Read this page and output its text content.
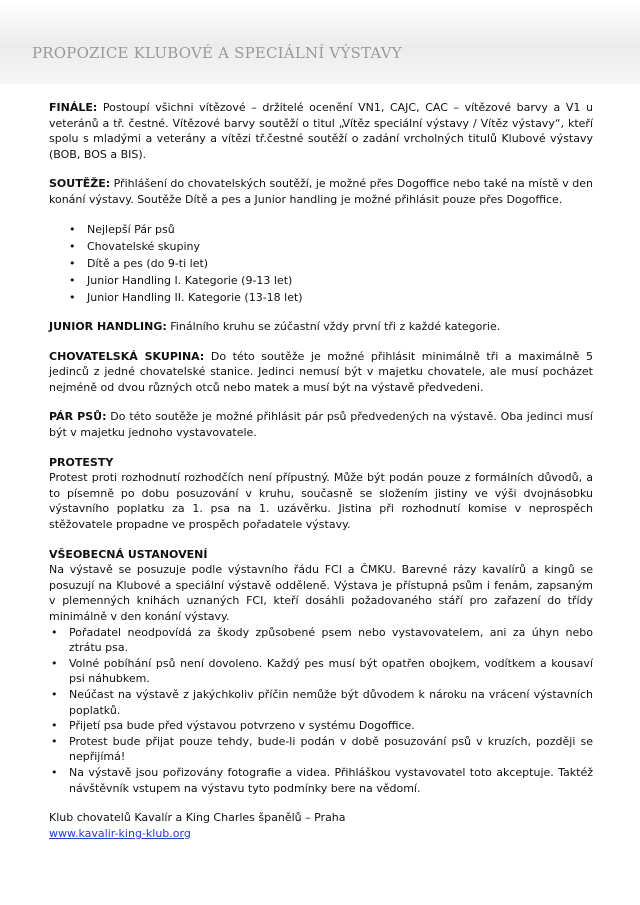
PROPOZICE KLUBOVÉ A SPECIÁLNÍ VÝSTAVY

FINÁLE: Postoupí všichni vítězové – držitelé ocenění VN1, CAJC, CAC – vítězové barvy a V1 u veteránů a tř. čestné. Vítězové barvy soutěží o titul „Vítěz speciální výstavy / Vítěz výstavy“, kteří spolu s mladými a veterány a vítězi tř.čestné soutěží o zadání vrcholných titulů Klubové výstavy (BOB, BOS a BIS).

SOUTĚŽE: Přihlášení do chovatelských soutěží, je možné přes Dogoffice nebo také na místě v den konání výstavy. Soutěže Dítě a pes a Junior handling je možné přihlásit pouze přes Dogoffice.

• Nejlepší Pár psů
• Chovatelské skupiny
• Dítě a pes (do 9-ti let)
• Junior Handling I. Kategorie (9-13 let)
• Junior Handling II. Kategorie (13-18 let)

JUNIOR HANDLING: Finálního kruhu se zúčastní vždy první tři z každé kategorie.

CHOVATELSKÁ SKUPINA: Do této soutěže je možné přihlásit minimálně tři a maximálně 5 jedinců z jedné chovatelské stanice. Jedinci nemusí být v majetku chovatele, ale musí pocházet nejméně od dvou různých otců nebo matek a musí být na výstavě předvedeni.

PÁR PSŮ: Do této soutěže je možné přihlásit pár psů předvedených na výstavě. Oba jedinci musí být v majetku jednoho vystavovatele.

PROTESTY

Protest proti rozhodnutí rozhodčích není přípustný. Může být podán pouze z formálních důvodů, a to písemně po dobu posuzování v kruhu, současně se složením jistiny ve výši dvojnásobku výstavního poplatku za 1. psa na 1. uzávěrku. Jistina při rozhodnutí komise v neprospěch stěžovatele propadne ve prospěch pořadatele výstavy.

VŠEOBECNÁ USTANOVENÍ

Na výstavě se posuzuje podle výstavního řádu FCI a ČMKU. Barevné rázy kavalírů a kingů se posuzují na Klubové a speciální výstavě odděleně. Výstava je přístupná psům i fenám, zapsaným v plemenných knihách uznaných FCI, kteří dosáhli požadovaného stáří pro zařazení do třídy minimálně v den konání výstavy.

• Pořadatel neodpovídá za škody způsobené psem nebo vystavovatelem, ani za úhyn nebo ztrátu psa.
• Volné pobíhání psů není dovoleno. Každý pes musí být opatřen obojkem, vodítkem a kousaví psi náhubkem.
• Neúčast na výstavě z jakýchkoliv příčin nemůže být důvodem k nároku na vrácení výstavních poplatků.
• Přijetí psa bude před výstavou potvrzeno v systému Dogoffice.
• Protest bude přijat pouze tehdy, bude-li podán v době posuzování psů v kruzích, později se nepřijímá!
• Na výstavě jsou pořizovány fotografie a videa. Přihláškou vystavovatel toto akceptuje. Taktéž návštěvník vstupem na výstavu tyto podmínky bere na vědomí.

Klub chovatelů Kavalír a King Charles španělů – Praha

www.kavalir-king-klub.org
